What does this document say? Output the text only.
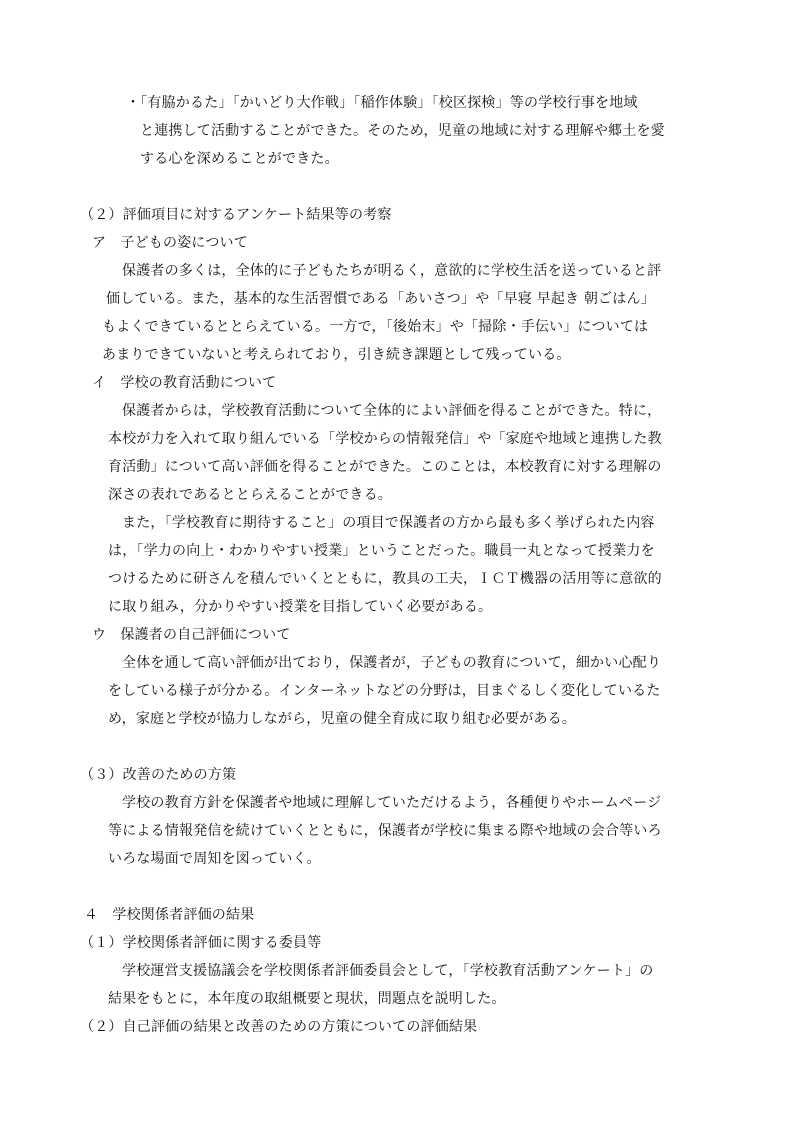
・「有脇かるた」「かいどり大作戦」「稲作体験」「校区探検」等の学校行事を地域
と連携して活動することができた。そのため，児童の地域に対する理解や郷土を愛
する心を深めることができた。
（２）評価項目に対するアンケート結果等の考察
ア　子どもの姿について
保護者の多くは，全体的に子どもたちが明るく，意欲的に学校生活を送っていると評
価している。また，基本的な生活習慣である「あいさつ」や「早寝 早起き 朝ごはん」
もよくできているととらえている。一方で，「後始末」や「掃除・手伝い」については
あまりできていないと考えられており，引き続き課題として残っている。
イ　学校の教育活動について
保護者からは，学校教育活動について全体的によい評価を得ることができた。特に，
本校が力を入れて取り組んでいる「学校からの情報発信」や「家庭や地域と連携した教
育活動」について高い評価を得ることができた。このことは，本校教育に対する理解の
深さの表れであるととらえることができる。
また，「学校教育に期待すること」の項目で保護者の方から最も多く挙げられた内容
は，「学力の向上・わかりやすい授業」ということだった。職員一丸となって授業力を
つけるために研さんを積んでいくとともに，教具の工夫，ＩＣＴ機器の活用等に意欲的
に取り組み，分かりやすい授業を目指していく必要がある。
ウ　保護者の自己評価について
全体を通して高い評価が出ており，保護者が，子どもの教育について，細かい心配り
をしている様子が分かる。インターネットなどの分野は，目まぐるしく変化しているた
め，家庭と学校が協力しながら，児童の健全育成に取り組む必要がある。
（３）改善のための方策
学校の教育方針を保護者や地域に理解していただけるよう，各種便りやホームページ
等による情報発信を続けていくとともに，保護者が学校に集まる際や地域の会合等いろ
いろな場面で周知を図っていく。
４　学校関係者評価の結果
（１）学校関係者評価に関する委員等
学校運営支援協議会を学校関係者評価委員会として，「学校教育活動アンケート」の
結果をもとに，本年度の取組概要と現状，問題点を説明した。
（２）自己評価の結果と改善のための方策についての評価結果
